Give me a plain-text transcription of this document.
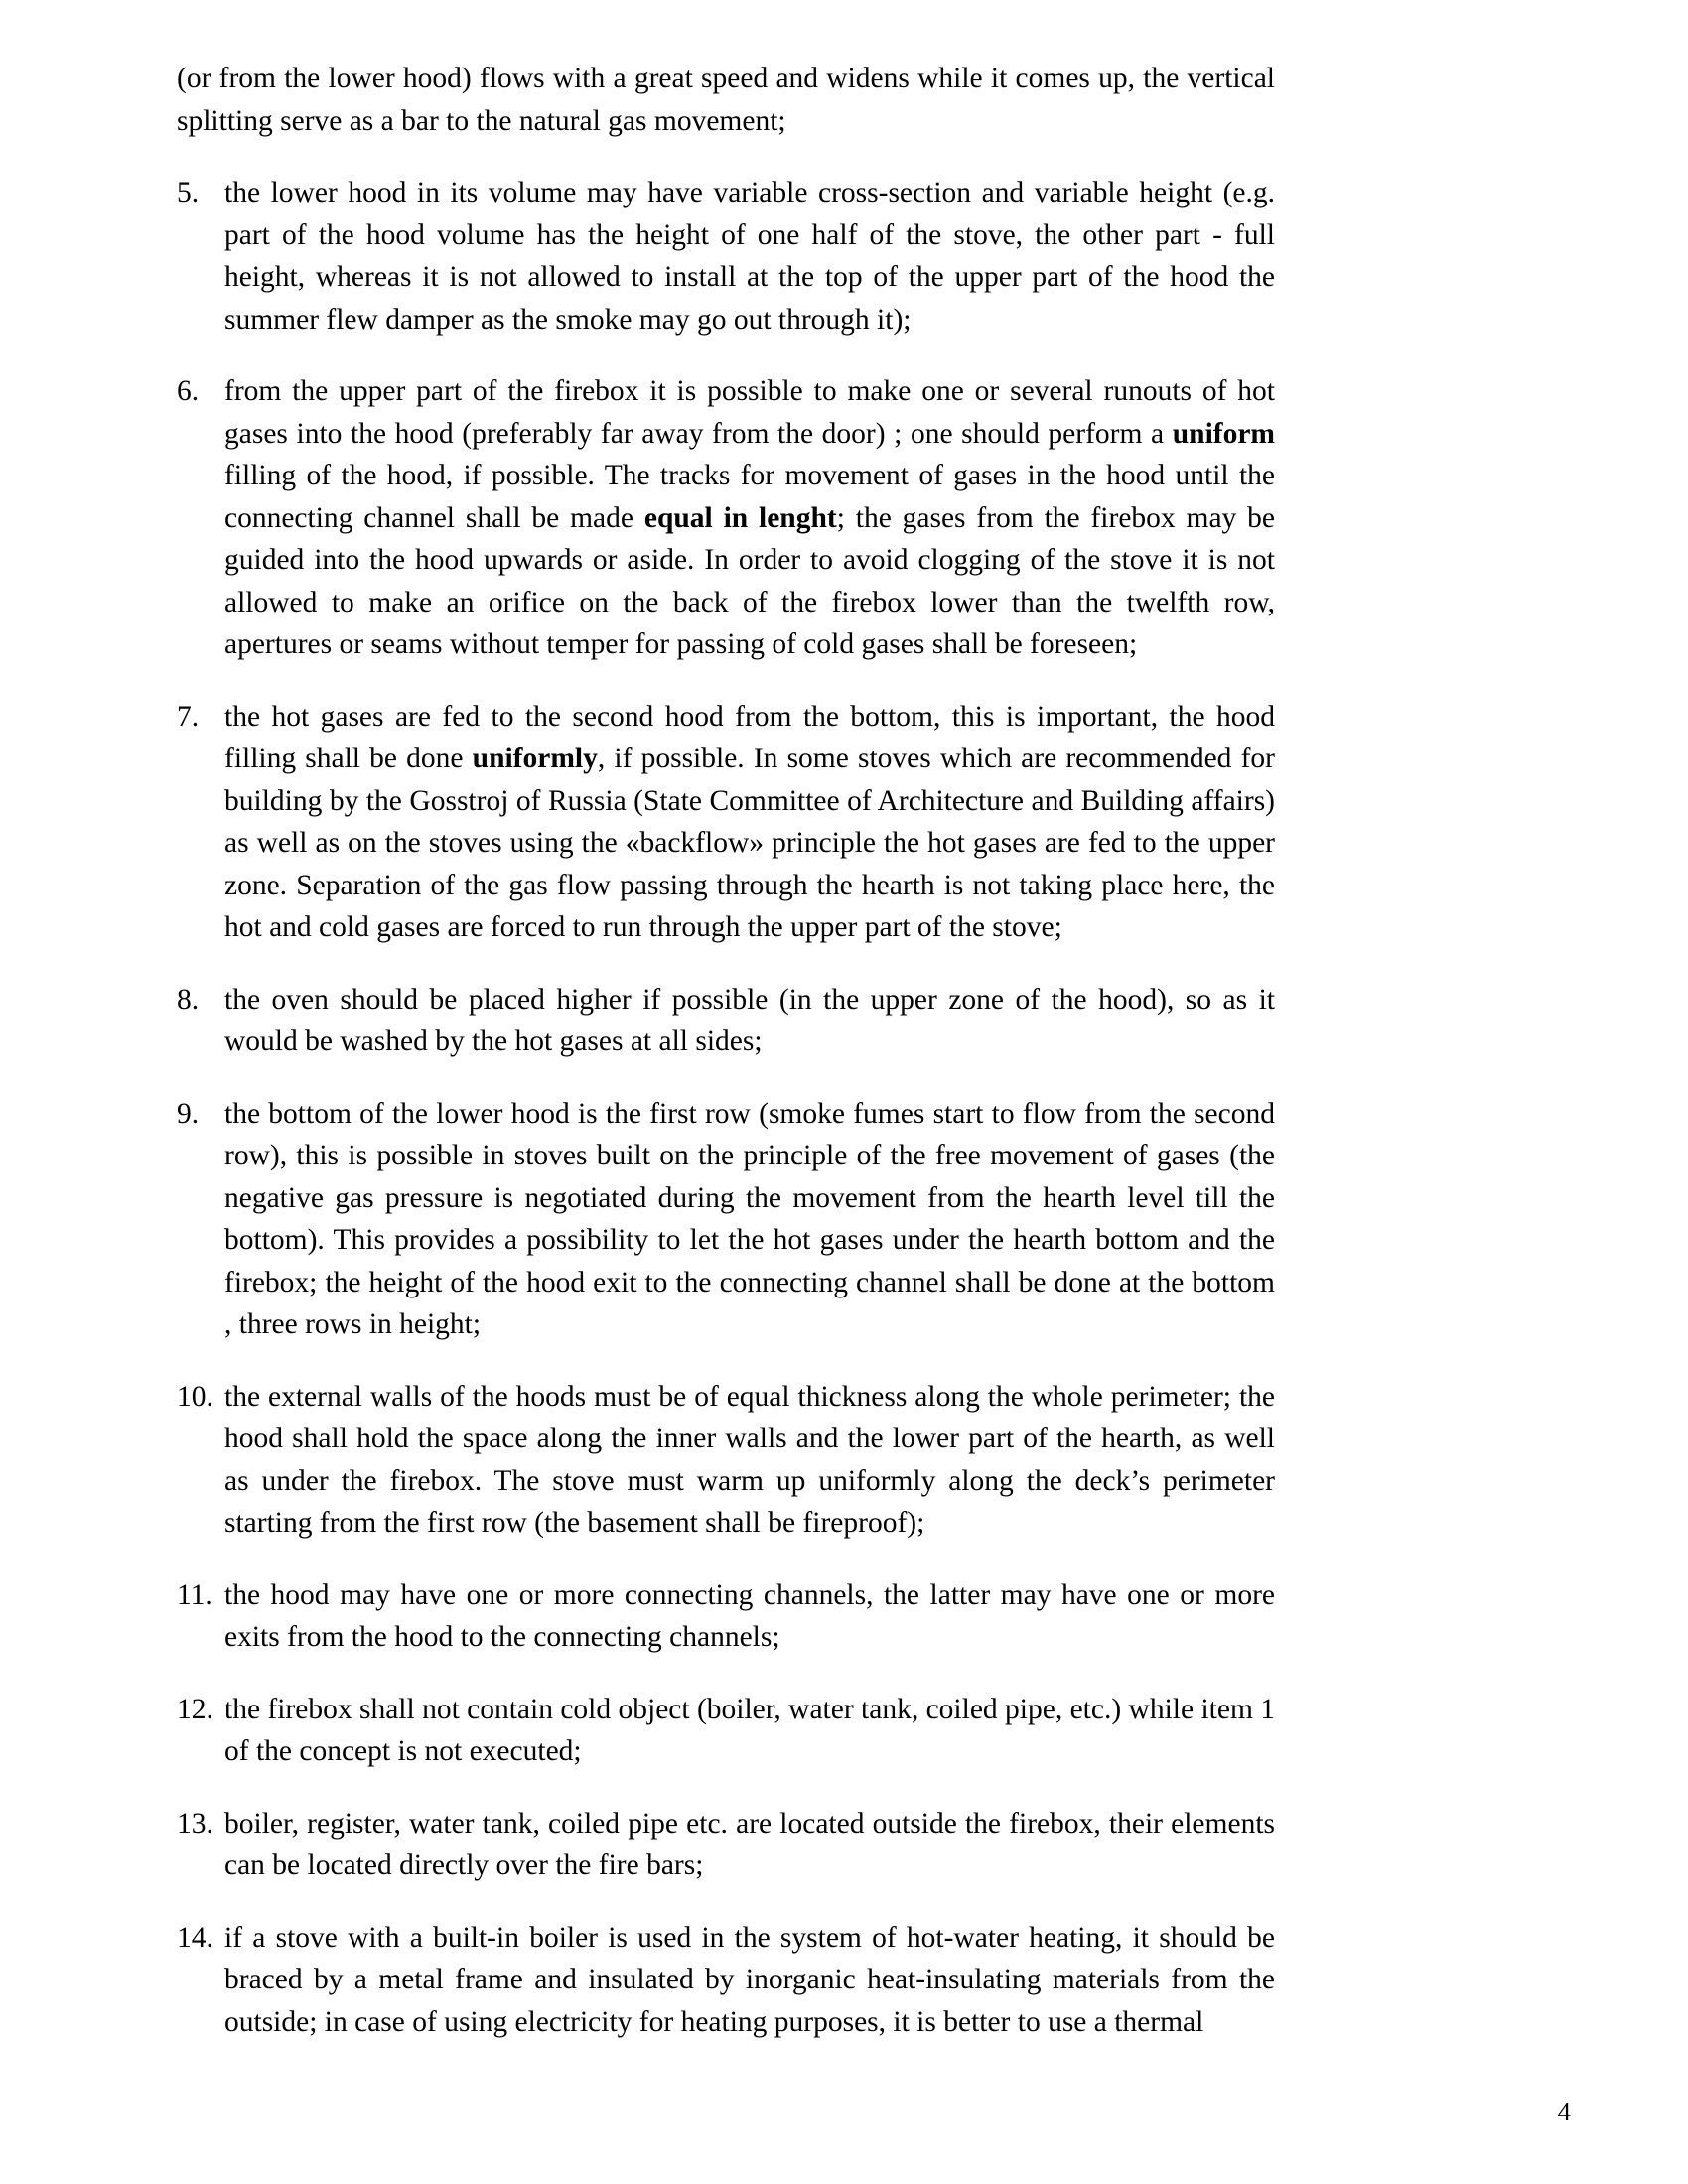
(or from the lower hood) flows with a great speed and widens while it comes up, the vertical splitting serve as a bar to the natural gas movement;

5. the lower hood in its volume may have variable cross-section and variable height (e.g. part of the hood volume has the height of one half of the stove, the other part - full height, whereas it is not allowed to install at the top of the upper part of the hood the summer flew damper as the smoke may go out through it);
6. from the upper part of the firebox it is possible to make one or several runouts of hot gases into the hood (preferably far away from the door) ; one should perform a uniform filling of the hood, if possible. The tracks for movement of gases in the hood until the connecting channel shall be made equal in lenght; the gases from the firebox may be guided into the hood upwards or aside. In order to avoid clogging of the stove it is not allowed to make an orifice on the back of the firebox lower than the twelfth row, apertures or seams without temper for passing of cold gases shall be foreseen;
7. the hot gases are fed to the second hood from the bottom, this is important, the hood filling shall be done uniformly, if possible. In some stoves which are recommended for building by the Gosstroj of Russia (State Committee of Architecture and Building affairs) as well as on the stoves using the «backflow» principle the hot gases are fed to the upper zone. Separation of the gas flow passing through the hearth is not taking place here, the hot and cold gases are forced to run through the upper part of the stove;
8. the oven should be placed higher if possible (in the upper zone of the hood), so as it would be washed by the hot gases at all sides;
9. the bottom of the lower hood is the first row (smoke fumes start to flow from the second row), this is possible in stoves built on the principle of the free movement of gases (the negative gas pressure is negotiated during the movement from the hearth level till the bottom). This provides a possibility to let the hot gases under the hearth bottom and the firebox; the height of the hood exit to the connecting channel shall be done at the bottom , three rows in height;
10. the external walls of the hoods must be of equal thickness along the whole perimeter; the hood shall hold the space along the inner walls and the lower part of the hearth, as well as under the firebox. The stove must warm up uniformly along the deck’s perimeter starting from the first row (the basement shall be fireproof);
11. the hood may have one or more connecting channels, the latter may have one or more exits from the hood to the connecting channels;
12. the firebox shall not contain cold object (boiler, water tank, coiled pipe, etc.) while item 1 of the concept is not executed;
13. boiler, register, water tank, coiled pipe etc. are located outside the firebox, their elements can be located directly over the fire bars;
14. if a stove with a built-in boiler is used in the system of hot-water heating, it should be braced by a metal frame and insulated by inorganic heat-insulating materials from the outside; in case of using electricity for heating purposes, it is better to use a thermal
4
